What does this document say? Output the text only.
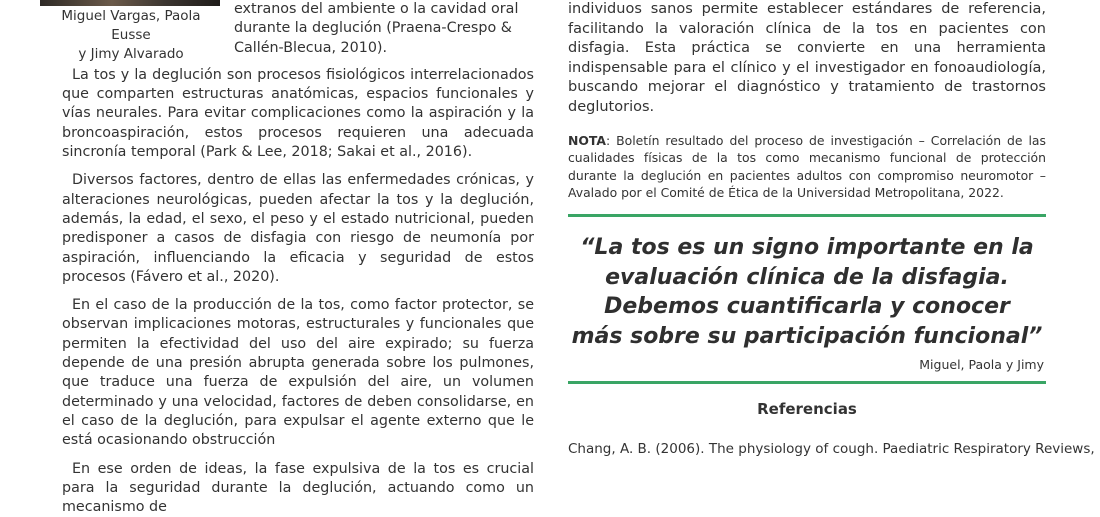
Miguel Vargas, Paola Eusse
y Jimy Alvarado

extranos del ambiente o la cavidad oral durante la deglución (Praena-Crespo & Callén-Blecua, 2010).

La tos y la deglución son procesos fisiológicos interrelacionados que comparten estructuras anatómicas, espacios funcionales y vías neurales. Para evitar complicaciones como la aspiración y la broncoaspiración, estos procesos requieren una adecuada sincronía temporal (Park & Lee, 2018; Sakai et al., 2016).

Diversos factores, dentro de ellas las enfermedades crónicas, y alteraciones neurológicas, pueden afectar la tos y la deglución, además, la edad, el sexo, el peso y el estado nutricional, pueden predisponer a casos de disfagia con riesgo de neumonía por aspiración, influenciando la eficacia y seguridad de estos procesos (Fávero et al., 2020).

En el caso de la producción de la tos, como factor protector, se observan implicaciones motoras, estructurales y funcionales que permiten la efectividad del uso del aire expirado; su fuerza depende de una presión abrupta generada sobre los pulmones, que traduce una fuerza de expulsión del aire, un volumen determinado y una velocidad, factores de deben consolidarse, en el caso de la deglución, para expulsar el agente externo que le está ocasionando obstrucción

En ese orden de ideas, la fase expulsiva de la tos es crucial para la seguridad durante la deglución, actuando como un mecanismo de

individuos sanos permite establecer estándares de referencia, facilitando la valoración clínica de la tos en pacientes con disfagia. Esta práctica se convierte en una herramienta indispensable para el clínico y el investigador en fonoaudiología, buscando mejorar el diagnóstico y tratamiento de trastornos deglutorios.

NOTA: Boletín resultado del proceso de investigación – Correlación de las cualidades físicas de la tos como mecanismo funcional de protección durante la deglución en pacientes adultos con compromiso neuromotor – Avalado por el Comité de Ética de la Universidad Metropolitana, 2022.

“La tos es un signo importante en la
evaluación clínica de la disfagia.
Debemos cuantificarla y conocer
más sobre su participación funcional”
Miguel, Paola y Jimy
Referencias
Chang, A. B. (2006). The physiology of cough. Paediatric Respiratory Reviews,
